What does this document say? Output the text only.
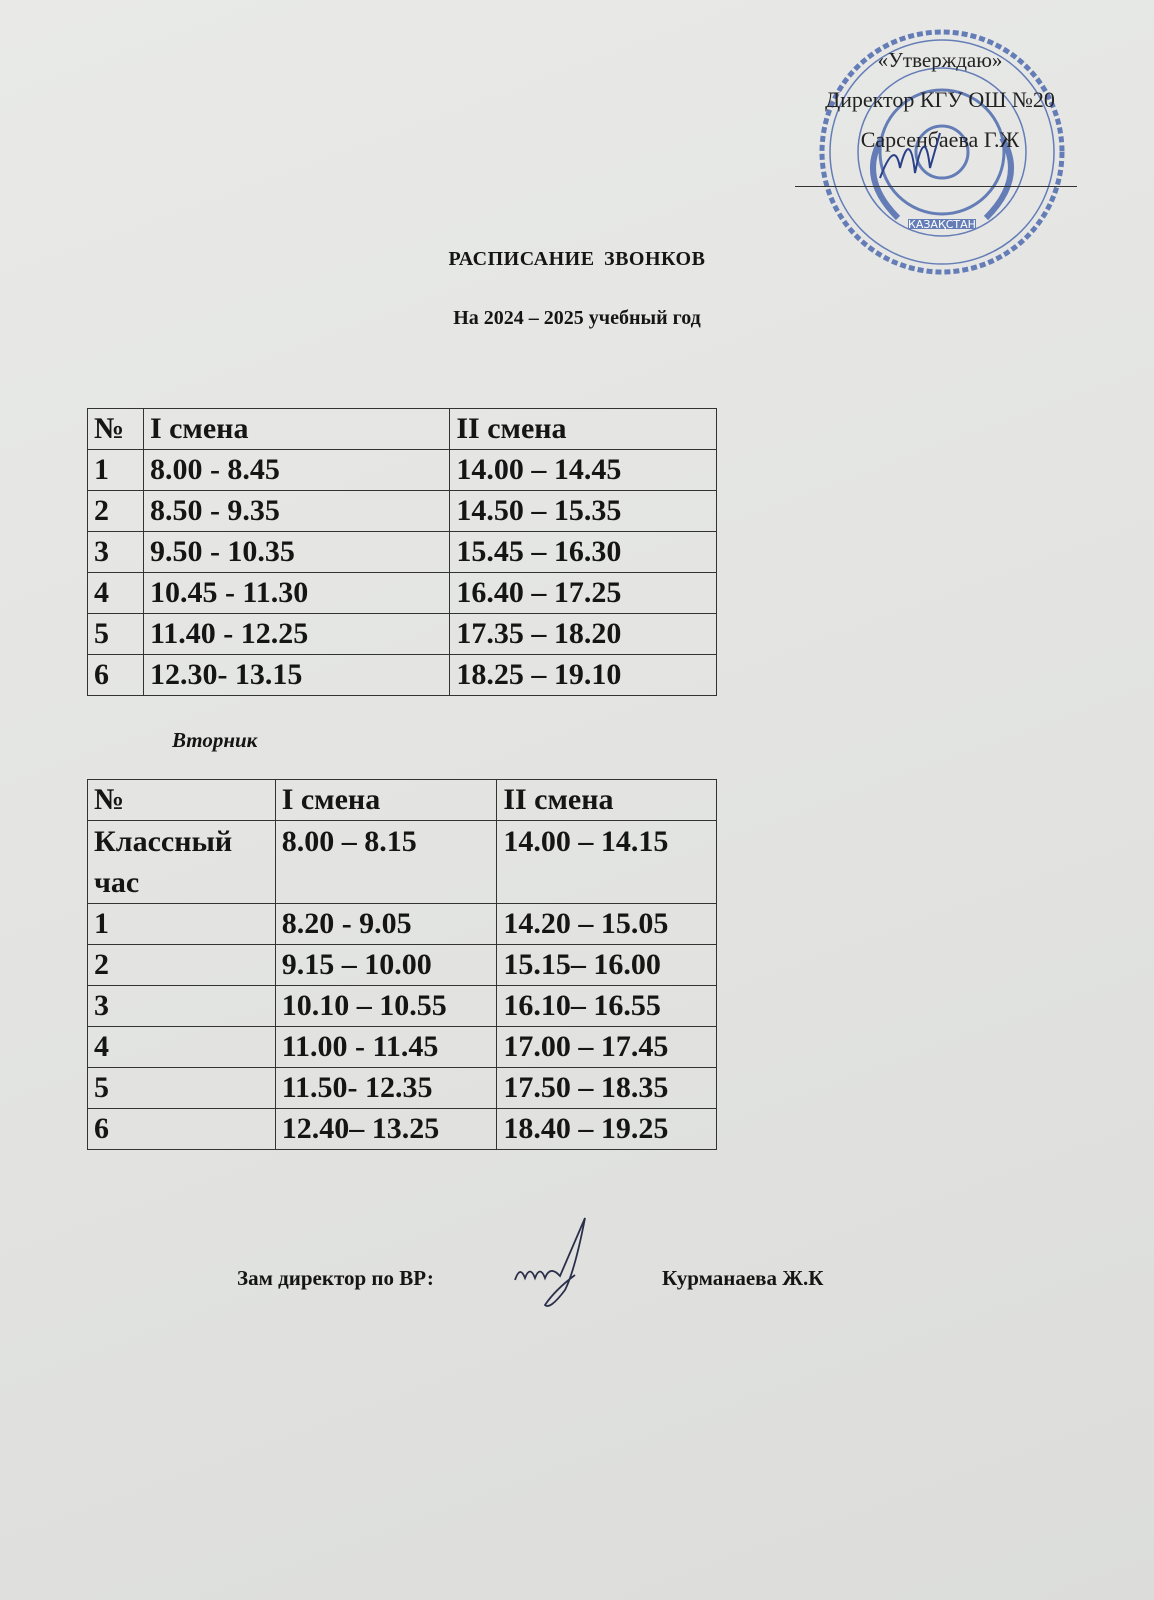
КАЗАҚСТАН
«Утверждаю»
Директор КГУ ОШ №20
Сарсенбаева Г.Ж
РАСПИСАНИЕ ЗВОНКОВ
На 2024 – 2025 учебный год
№	I смена	II смена
1	8.00 - 8.45	14.00 – 14.45
2	8.50 - 9.35	14.50 – 15.35
3	9.50 - 10.35	15.45 – 16.30
4	10.45 - 11.30	16.40 – 17.25
5	11.40 - 12.25	17.35 – 18.20
6	12.30- 13.15	18.25 – 19.10
Вторник
№	I смена	II смена
Классный час	8.00 – 8.15	14.00 – 14.15
1	8.20 - 9.05	14.20 – 15.05
2	9.15 – 10.00	15.15– 16.00
3	10.10 – 10.55	16.10– 16.55
4	11.00 - 11.45	17.00 – 17.45
5	11.50- 12.35	17.50 – 18.35
6	12.40– 13.25	18.40 – 19.25
Зам директор по ВР:	Курманаева Ж.К
